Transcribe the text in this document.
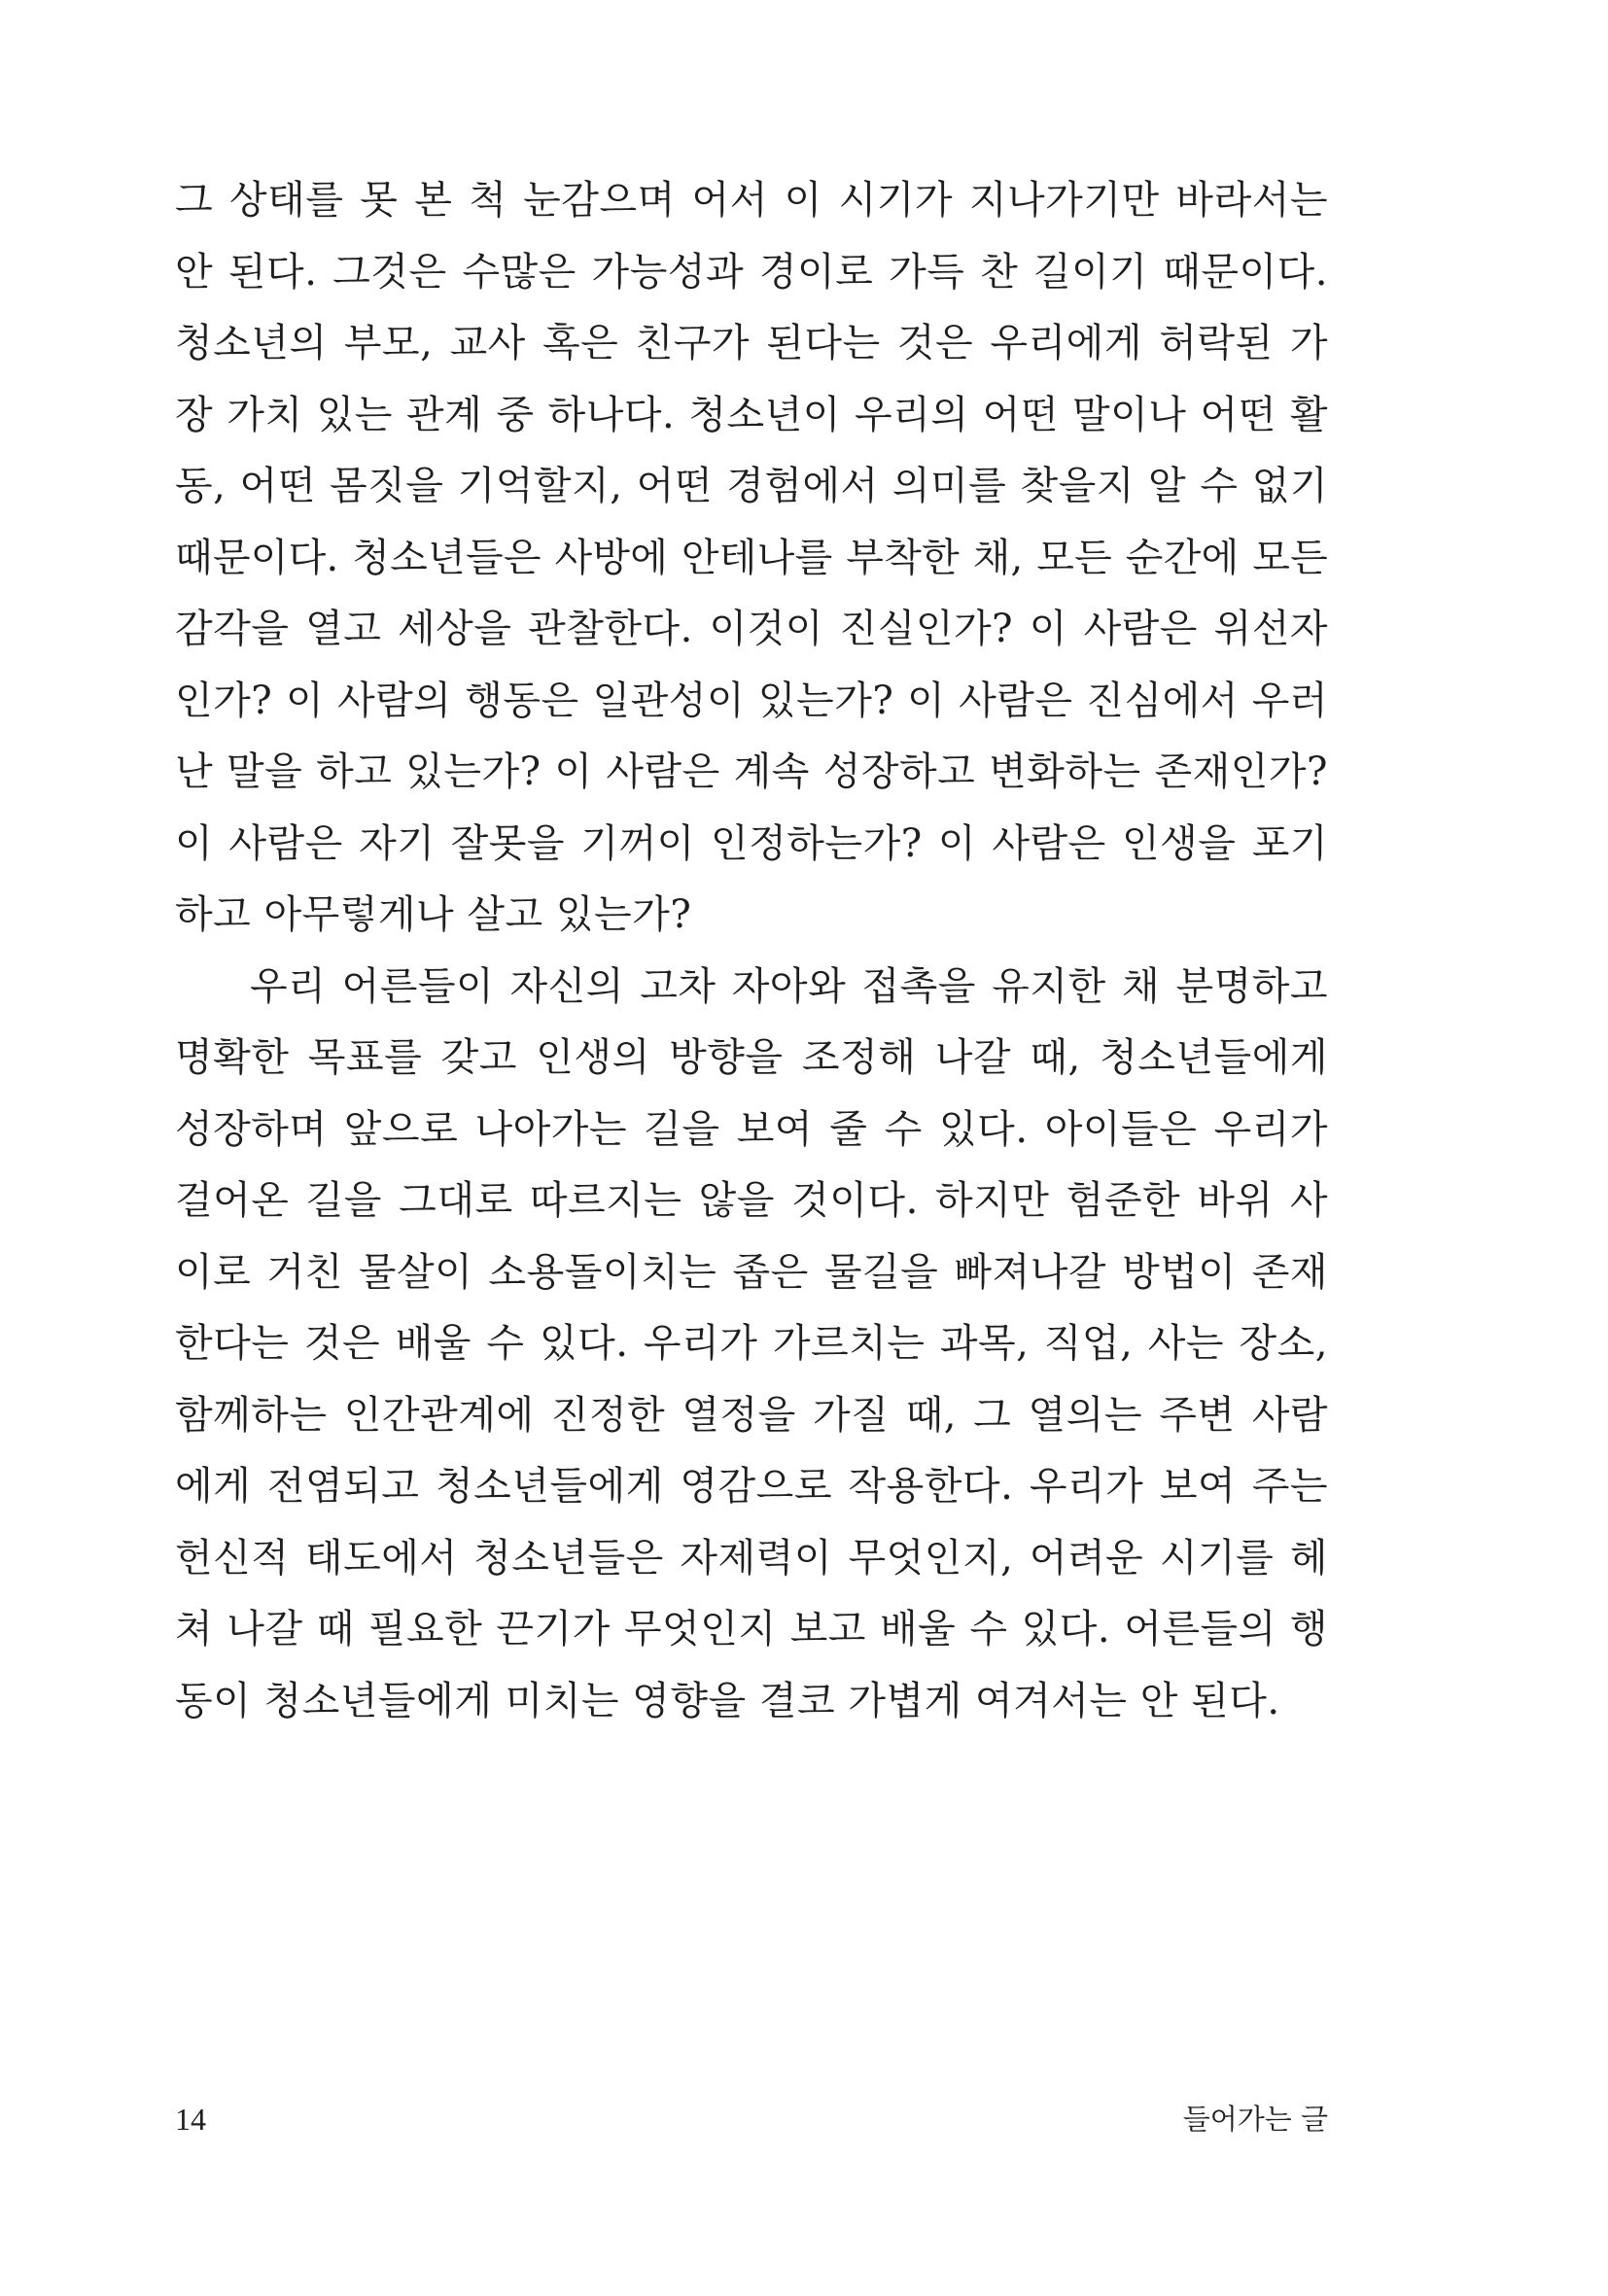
그 상태를 못 본 척 눈감으며 어서 이 시기가 지나가기만 바라서는
안 된다. 그것은 수많은 가능성과 경이로 가득 찬 길이기 때문이다.
청소년의 부모, 교사 혹은 친구가 된다는 것은 우리에게 허락된 가
장 가치 있는 관계 중 하나다. 청소년이 우리의 어떤 말이나 어떤 활
동, 어떤 몸짓을 기억할지, 어떤 경험에서 의미를 찾을지 알 수 없기
때문이다. 청소년들은 사방에 안테나를 부착한 채, 모든 순간에 모든
감각을 열고 세상을 관찰한다. 이것이 진실인가? 이 사람은 위선자
인가? 이 사람의 행동은 일관성이 있는가? 이 사람은 진심에서 우러
난 말을 하고 있는가? 이 사람은 계속 성장하고 변화하는 존재인가?
이 사람은 자기 잘못을 기꺼이 인정하는가? 이 사람은 인생을 포기
하고 아무렇게나 살고 있는가?
우리 어른들이 자신의 고차 자아와 접촉을 유지한 채 분명하고
명확한 목표를 갖고 인생의 방향을 조정해 나갈 때, 청소년들에게
성장하며 앞으로 나아가는 길을 보여 줄 수 있다. 아이들은 우리가
걸어온 길을 그대로 따르지는 않을 것이다. 하지만 험준한 바위 사
이로 거친 물살이 소용돌이치는 좁은 물길을 빠져나갈 방법이 존재
한다는 것은 배울 수 있다. 우리가 가르치는 과목, 직업, 사는 장소,
함께하는 인간관계에 진정한 열정을 가질 때, 그 열의는 주변 사람
에게 전염되고 청소년들에게 영감으로 작용한다. 우리가 보여 주는
헌신적 태도에서 청소년들은 자제력이 무엇인지, 어려운 시기를 헤
쳐 나갈 때 필요한 끈기가 무엇인지 보고 배울 수 있다. 어른들의 행
동이 청소년들에게 미치는 영향을 결코 가볍게 여겨서는 안 된다.
14	들어가는 글
